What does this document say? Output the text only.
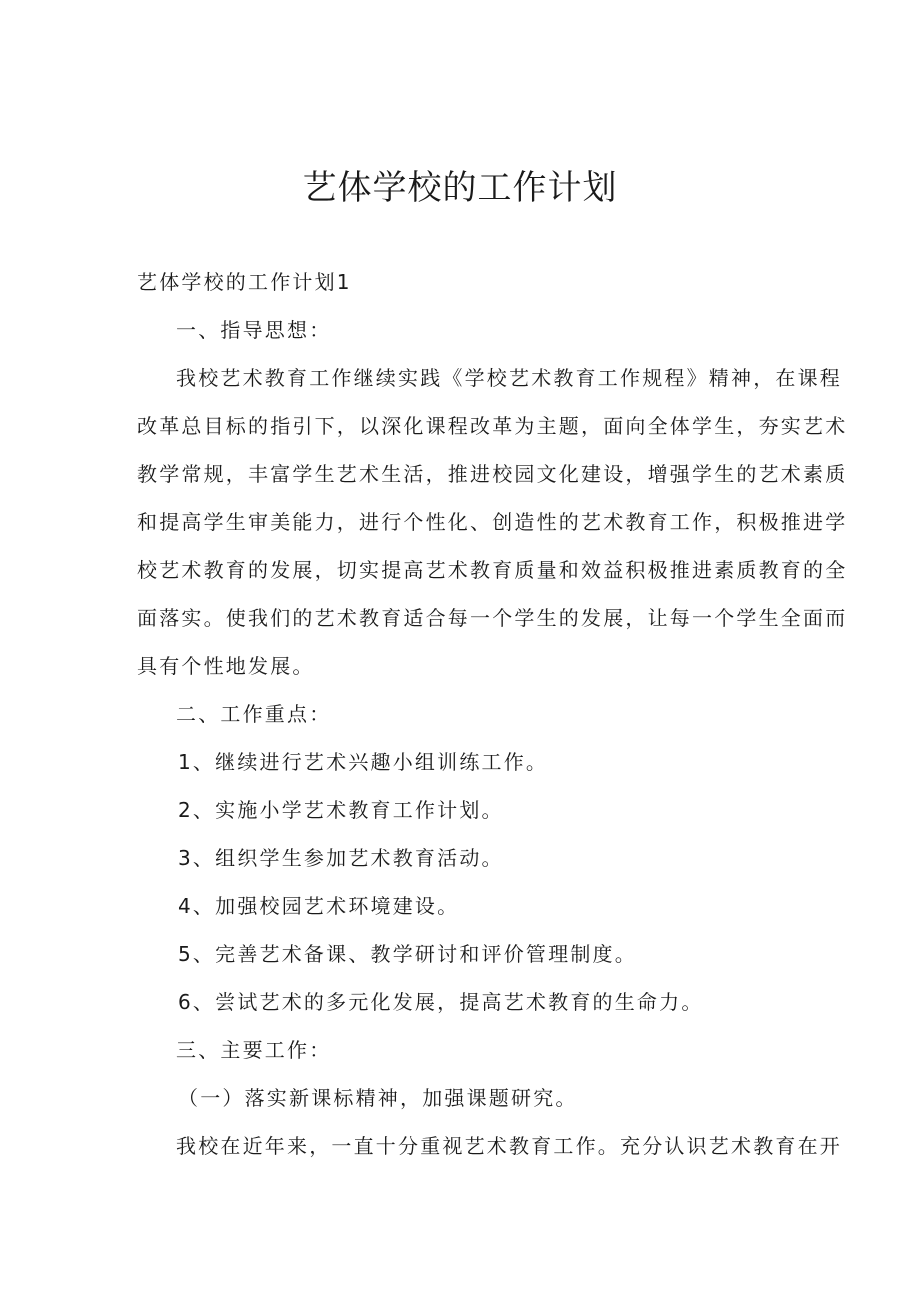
艺体学校的工作计划
艺体学校的工作计划1
一、指导思想：
我校艺术教育工作继续实践《学校艺术教育工作规程》精神，在课程
改革总目标的指引下，以深化课程改革为主题，面向全体学生，夯实艺术
教学常规，丰富学生艺术生活，推进校园文化建设，增强学生的艺术素质
和提高学生审美能力，进行个性化、创造性的艺术教育工作，积极推进学
校艺术教育的发展，切实提高艺术教育质量和效益积极推进素质教育的全
面落实。使我们的艺术教育适合每一个学生的发展，让每一个学生全面而
具有个性地发展。
二、工作重点：
1、继续进行艺术兴趣小组训练工作。
2、实施小学艺术教育工作计划。
3、组织学生参加艺术教育活动。
4、加强校园艺术环境建设。
5、完善艺术备课、教学研讨和评价管理制度。
6、尝试艺术的多元化发展，提高艺术教育的生命力。
三、主要工作：
（一）落实新课标精神，加强课题研究。
我校在近年来，一直十分重视艺术教育工作。充分认识艺术教育在开
